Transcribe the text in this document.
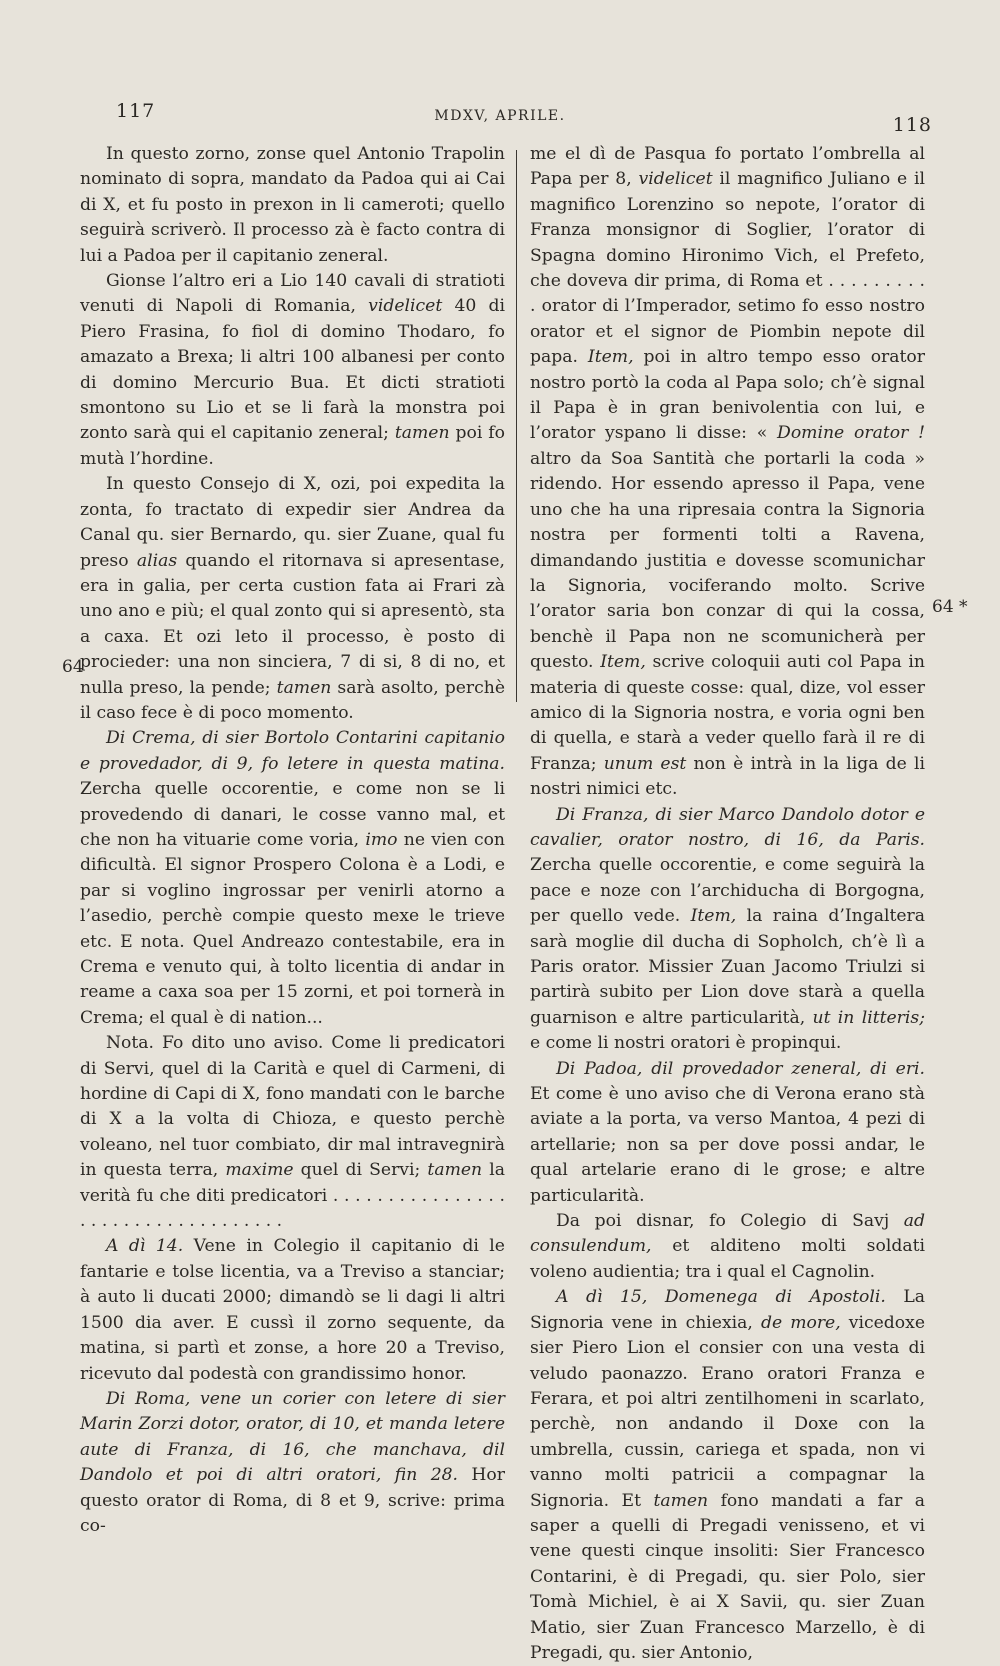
117	MDXV, APRILE.	118
64
64 *

In questo zorno, zonse quel Antonio Trapolin nominato di sopra, mandato da Padoa qui ai Cai di X, et fu posto in prexon in li cameroti; quello seguirà scriverò. Il processo zà è facto contra di lui a Padoa per il capitanio zeneral.

Gionse l’altro eri a Lio 140 cavali di stratioti venuti di Napoli di Romania, videlicet 40 di Piero Frasina, fo fiol di domino Thodaro, fo amazato a Brexa; li altri 100 albanesi per conto di domino Mercurio Bua. Et dicti stratioti smontono su Lio et se li farà la monstra poi zonto sarà qui el capitanio zeneral; tamen poi fo mutà l’hordine.

In questo Consejo di X, ozi, poi expedita la zonta, fo tractato di expedir sier Andrea da Canal qu. sier Bernardo, qu. sier Zuane, qual fu preso alias quando el ritornava si apresentase, era in galia, per certa custion fata ai Frari zà uno ano e più; el qual zonto qui si apresentò, sta a caxa. Et ozi leto il processo, è posto di procieder: una non sinciera, 7 di si, 8 di no, et nulla preso, la pende; tamen sarà asolto, perchè il caso fece è di poco momento.

Di Crema, di sier Bortolo Contarini capitanio e provedador, di 9, fo letere in questa matina. Zercha quelle occorentie, e come non se li provedendo di danari, le cosse vanno mal, et che non ha vituarie come voria, imo ne vien con dificultà. El signor Prospero Colona è a Lodi, e par si voglino ingrossar per venirli atorno a l’asedio, perchè compie questo mexe le trieve etc. E nota. Quel Andreazo contestabile, era in Crema e venuto qui, à tolto licentia di andar in reame a caxa soa per 15 zorni, et poi tornerà in Crema; el qual è di nation...

Nota. Fo dito uno aviso. Come li predicatori di Servi, quel di la Carità e quel di Carmeni, di hordine di Capi di X, fono mandati con le barche di X a la volta di Chioza, e questo perchè voleano, nel tuor combiato, dir mal intravegnirà in questa terra, maxime quel di Servi; tamen la verità fu che diti predicatori . . . . . . . . . . . . . . . . . . . . . . . . . . . . . . . . . . .

A dì 14. Vene in Colegio il capitanio di le fantarie e tolse licentia, va a Treviso a stanciar; à auto li ducati 2000; dimandò se li dagi li altri 1500 dia aver. E cussì il zorno sequente, da matina, si partì et zonse, a hore 20 a Treviso, ricevuto dal podestà con grandissimo honor.

Di Roma, vene un corier con letere di sier Marin Zorzi dotor, orator, di 10, et manda letere aute di Franza, di 16, che manchava, dil Dandolo et poi di altri oratori, fin 28. Hor questo orator di Roma, di 8 et 9, scrive: prima co-

me el dì de Pasqua fo portato l’ombrella al Papa per 8, videlicet il magnifico Juliano e il magnifico Lorenzino so nepote, l’orator di Franza monsignor di Soglier, l’orator di Spagna domino Hironimo Vich, el Prefeto, che doveva dir prima, di Roma et . . . . . . . . . . orator di l’Imperador, setimo fo esso nostro orator et el signor de Piombin nepote dil papa. Item, poi in altro tempo esso orator nostro portò la coda al Papa solo; ch’è signal il Papa è in gran benivolentia con lui, e l’orator yspano li disse: « Domine orator ! altro da Soa Santità che portarli la coda » ridendo. Hor essendo apresso il Papa, vene uno che ha una ripresaia contra la Signoria nostra per formenti tolti a Ravena, dimandando justitia e dovesse scomunichar la Signoria, vociferando molto. Scrive l’orator saria bon conzar di qui la cossa, benchè il Papa non ne scomunicherà per questo. Item, scrive coloquii auti col Papa in materia di queste cosse: qual, dize, vol esser amico di la Signoria nostra, e voria ogni ben di quella, e starà a veder quello farà il re di Franza; unum est non è intrà in la liga de li nostri nimici etc.

Di Franza, di sier Marco Dandolo dotor e cavalier, orator nostro, di 16, da Paris. Zercha quelle occorentie, e come seguirà la pace e noze con l’archiducha di Borgogna, per quello vede. Item, la raina d’Ingaltera sarà moglie dil ducha di Sopholch, ch’è lì a Paris orator. Missier Zuan Jacomo Triulzi si partirà subito per Lion dove starà a quella guarnison e altre particularità, ut in litteris; e come li nostri oratori è propinqui.

Di Padoa, dil provedador zeneral, di eri. Et come è uno aviso che di Verona erano stà aviate a la porta, va verso Mantoa, 4 pezi di artellarie; non sa per dove possi andar, le qual artelarie erano di le grose; e altre particularità.

Da poi disnar, fo Colegio di Savj ad consulendum, et alditeno molti soldati voleno audientia; tra i qual el Cagnolin.

A dì 15, Domenega di Apostoli. La Signoria vene in chiexia, de more, vicedoxe sier Piero Lion el consier con una vesta di veludo paonazzo. Erano oratori Franza e Ferara, et poi altri zentilhomeni in scarlato, perchè, non andando il Doxe con la umbrella, cussin, cariega et spada, non vi vanno molti patricii a compagnar la Signoria. Et tamen fono mandati a far a saper a quelli di Pregadi venisseno, et vi vene questi cinque insoliti: Sier Francesco Contarini, è di Pregadi, qu. sier Polo, sier Tomà Michiel, è ai X Savii, qu. sier Zuan Matio, sier Zuan Francesco Marzello, è di Pregadi, qu. sier Antonio,
